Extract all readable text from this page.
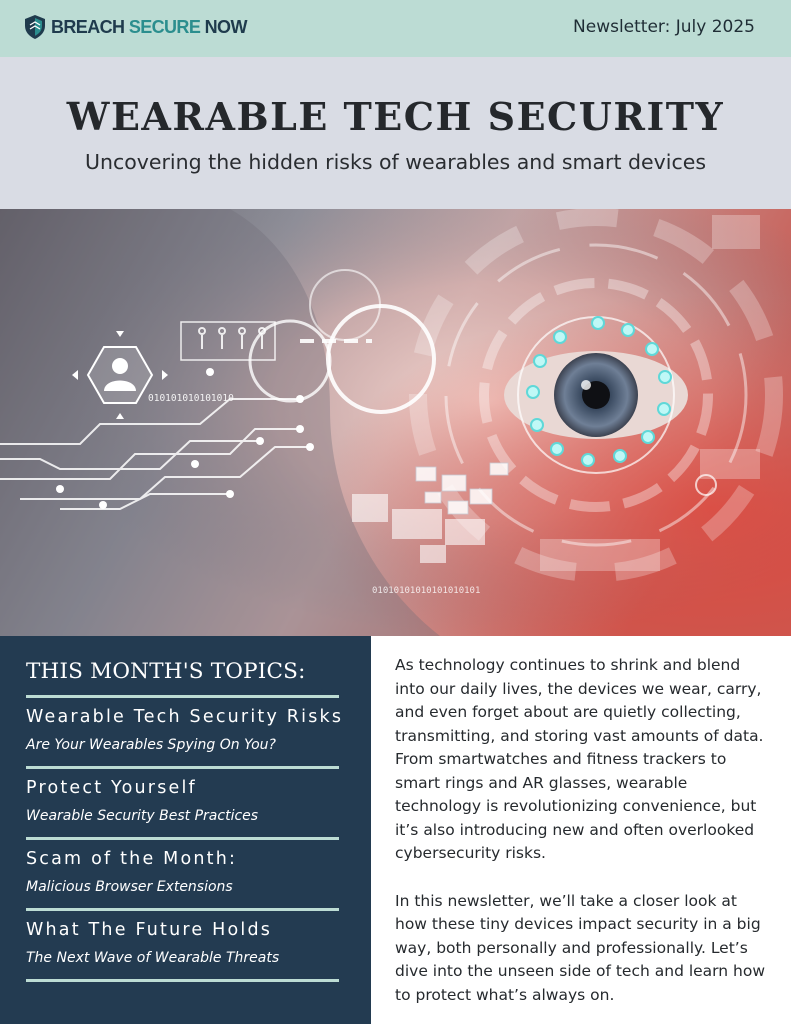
BREACH SECURE NOW	Newsletter: July 2025
WEARABLE TECH SECURITY
Uncovering the hidden risks of wearables and smart devices
010101010101010
01010101010101010101
THIS MONTH'S TOPICS:
Wearable Tech Security Risks
Are Your Wearables Spying On You?
Protect Yourself
Wearable Security Best Practices
Scam of the Month:
Malicious Browser Extensions
What The Future Holds
The Next Wave of Wearable Threats

As technology continues to shrink and blend into our daily lives, the devices we wear, carry, and even forget about are quietly collecting, transmitting, and storing vast amounts of data. From smartwatches and fitness trackers to smart rings and AR glasses, wearable technology is revolutionizing convenience, but it’s also introducing new and often overlooked cybersecurity risks.

In this newsletter, we’ll take a closer look at how these tiny devices impact security in a big way, both personally and professionally. Let’s dive into the unseen side of tech and learn how to protect what’s always on.
